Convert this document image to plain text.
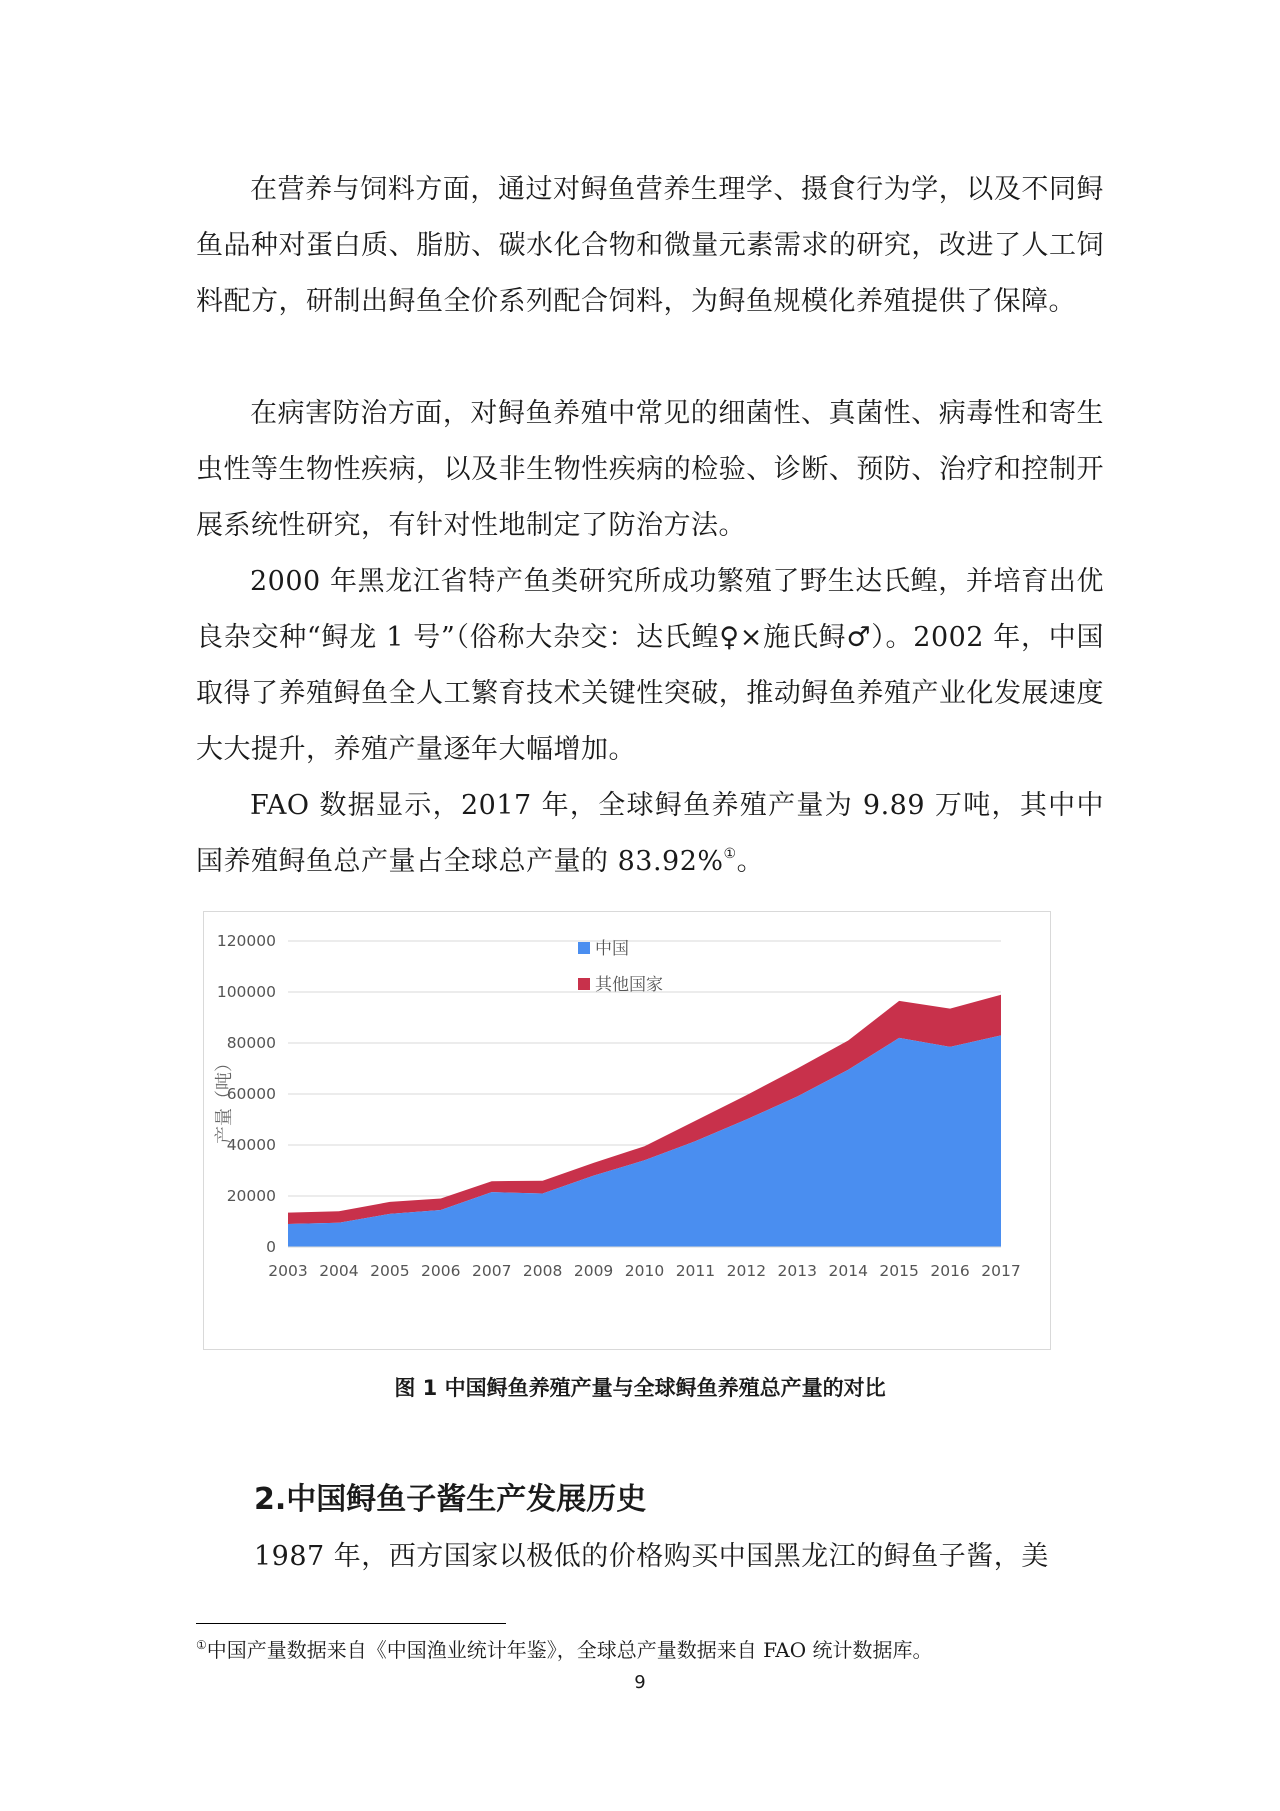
在营养与饲料方面，通过对鲟鱼营养生理学、摄食行为学，以及不同鲟鱼品种对蛋白质、脂肪、碳水化合物和微量元素需求的研究，改进了人工饲料配方，研制出鲟鱼全价系列配合饲料，为鲟鱼规模化养殖提供了保障。

在病害防治方面，对鲟鱼养殖中常见的细菌性、真菌性、病毒性和寄生虫性等生物性疾病，以及非生物性疾病的检验、诊断、预防、治疗和控制开展系统性研究，有针对性地制定了防治方法。

2000 年黑龙江省特产鱼类研究所成功繁殖了野生达氏鳇，并培育出优良杂交种“鲟龙 1 号”（俗称大杂交：达氏鳇♀×施氏鲟♂）。2002 年，中国取得了养殖鲟鱼全人工繁育技术关键性突破，推动鲟鱼养殖产业化发展速度大大提升，养殖产量逐年大幅增加。

FAO 数据显示，2017 年，全球鲟鱼养殖产量为 9.89 万吨，其中中国养殖鲟鱼总产量占全球总产量的 83.92%①。

中国
其他国家
0
20000
40000
60000
80000
100000
120000
2003 2004 2005 2006 2007 2008 2009 2010 2011 2012 2013 2014 2015 2016 2017
产量（吨）

图 1 中国鲟鱼养殖产量与全球鲟鱼养殖总产量的对比

2.中国鲟鱼子酱生产发展历史

1987 年，西方国家以极低的价格购买中国黑龙江的鲟鱼子酱，美

①中国产量数据来自《中国渔业统计年鉴》，全球总产量数据来自 FAO 统计数据库。

9
